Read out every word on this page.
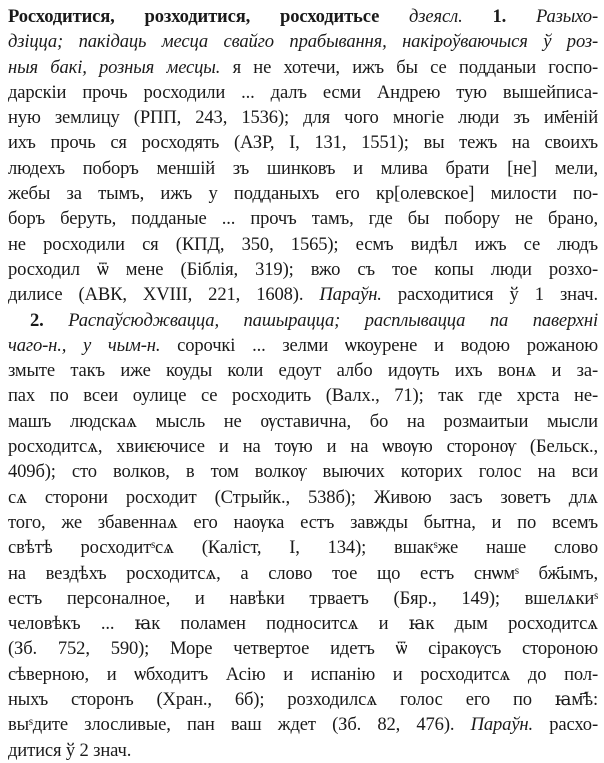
Росходитися, розходитися, росходитьсе дзеясл. 1. Разыхо-
дзіцца; пакідаць месца свайго прабывання, накіроўваючыся ў роз-
ныя бакі, розныя месцы. я не хотечи, ижъ бы се подданыи госпо-
дарскіи прочь росходили ... далъ есми Андрею тую вышейписа-
ную землицу (РПП, 243, 1536); для чого многіе люди зъ им҃еній
ихъ прочь ся росходять (АЗР, І, 131, 1551); вы тежъ на своихъ
людехъ поборъ меншій зъ шинковъ и млива брати [не] мели,
жебы за тымъ, ижъ у подданыхъ его кр[олевское] милости по-
боръ беруть, подданые ... прочъ тамъ, где бы побору не брано,
не росходили ся (КПД, 350, 1565); есмъ видѣл ижъ се людъ
росходил ѿ мене (Біблія, 319); вжо съ тое копы люди розхо-
дилисе (АВК, XVIII, 221, 1608). Параўн. расходитися ў 1 знач.
2. Распаўсюджвацца, пашырацца; расплывацца па паверхні
чаго-н., у чым-н. сорочкі ... зелми ѡкоурене и водою рожаною
змыте такъ иже коуды коли едоут албо идѹть ихъ вонѧ и за-
пах по всеи оулице се росходить (Валх., 71); так где хрста не-
машъ людскаѧ мысль не ѹставична, бо на розмаитыи мысли
росходитсѧ, хвиѥючисе и на тѹю и на ѡвѹю сторонѹ (Бельск.,
409б); сто волков, в том волкѹ выючих которих голос на вси
сѧ сторони росходит (Стрыйк., 538б); Живою засъ зоветъ длѧ
того, же збавеннаѧ его наѹка естъ завжды бытна, и по всемъ
свѣтѣ росходитˢсѧ (Каліст, І, 134); вшакˢже наше слово
на вездѣхъ росходитсѧ, а слово тое що естъ снѡмˢ бж҃ымъ,
естъ персоналное, и навѣки трваетъ (Бяр., 149); вшелѧкиˢ
человѣкъ ... ꙗк поламен подноситсѧ и ꙗк дым росходитсѧ
(Зб. 752, 590); Море четвертое идетъ ѿ сіракѹсъ стороною
сѣверною, и ѡбходитъ Асію и испанію и росходитсѧ до пол-
ныхъ сторонъ (Хран., 6б); розходилсѧ голос его по ꙗм҃ѣ:
выˢдите злосливые, пан ваш ждет (Зб. 82, 476). Параўн. расхо-
дитися ў 2 знач.
